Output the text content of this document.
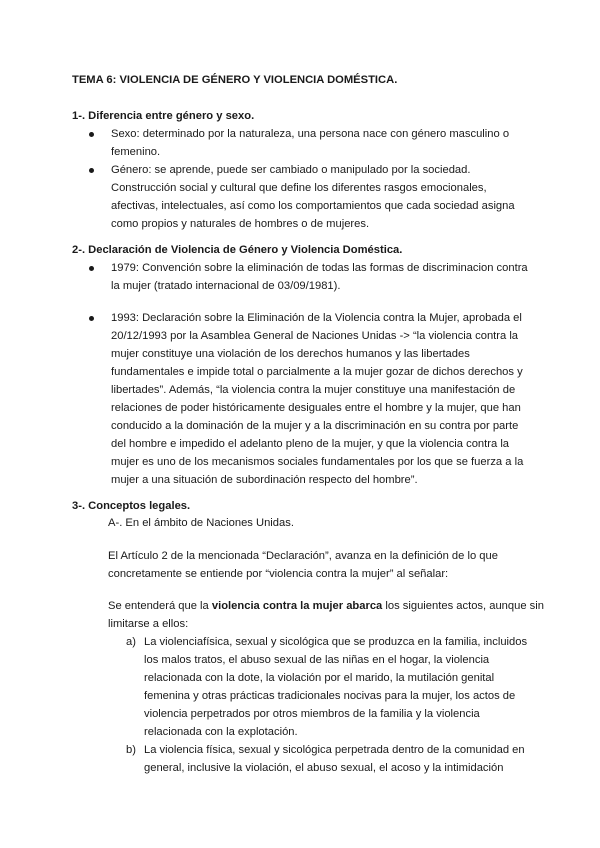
TEMA 6: VIOLENCIA DE GÉNERO Y VIOLENCIA DOMÉSTICA.
1-. Diferencia entre género y sexo.
Sexo: determinado por la naturaleza, una persona nace con género masculino o femenino.
Género: se aprende, puede ser cambiado o manipulado por la sociedad. Construcción social y cultural que define los diferentes rasgos emocionales, afectivas, intelectuales, así como los comportamientos que cada sociedad asigna como propios y naturales de hombres o de mujeres.
2-. Declaración de Violencia de Género y Violencia Doméstica.
1979: Convención sobre la eliminación de todas las formas de discriminacion contra la mujer (tratado internacional de 03/09/1981).
1993: Declaración sobre la Eliminación de la Violencia contra la Mujer, aprobada el 20/12/1993 por la Asamblea General de Naciones Unidas -> “la violencia contra la mujer constituye una violación de los derechos humanos y las libertades fundamentales e impide total o parcialmente a la mujer gozar de dichos derechos y libertades”. Además, “la violencia contra la mujer constituye una manifestación de relaciones de poder históricamente desiguales entre el hombre y la mujer, que han conducido a la dominación de la mujer y a la discriminación en su contra por parte del hombre e impedido el adelanto pleno de la mujer, y que la violencia contra la mujer es uno de los mecanismos sociales fundamentales por los que se fuerza a la mujer a una situación de subordinación respecto del hombre”.
3-. Conceptos legales.
A-. En el ámbito de Naciones Unidas.
El Artículo 2 de la mencionada “Declaración”, avanza en la definición de lo que concretamente se entiende por “violencia contra la mujer” al señalar:
Se entenderá que la violencia contra la mujer abarca los siguientes actos, aunque sin limitarse a ellos:
a) La violenciafísica, sexual y sicológica que se produzca en la familia, incluidos los malos tratos, el abuso sexual de las niñas en el hogar, la violencia relacionada con la dote, la violación por el marido, la mutilación genital femenina y otras prácticas tradicionales nocivas para la mujer, los actos de violencia perpetrados por otros miembros de la familia y la violencia relacionada con la explotación.
b) La violencia física, sexual y sicológica perpetrada dentro de la comunidad en general, inclusive la violación, el abuso sexual, el acoso y la intimidación
